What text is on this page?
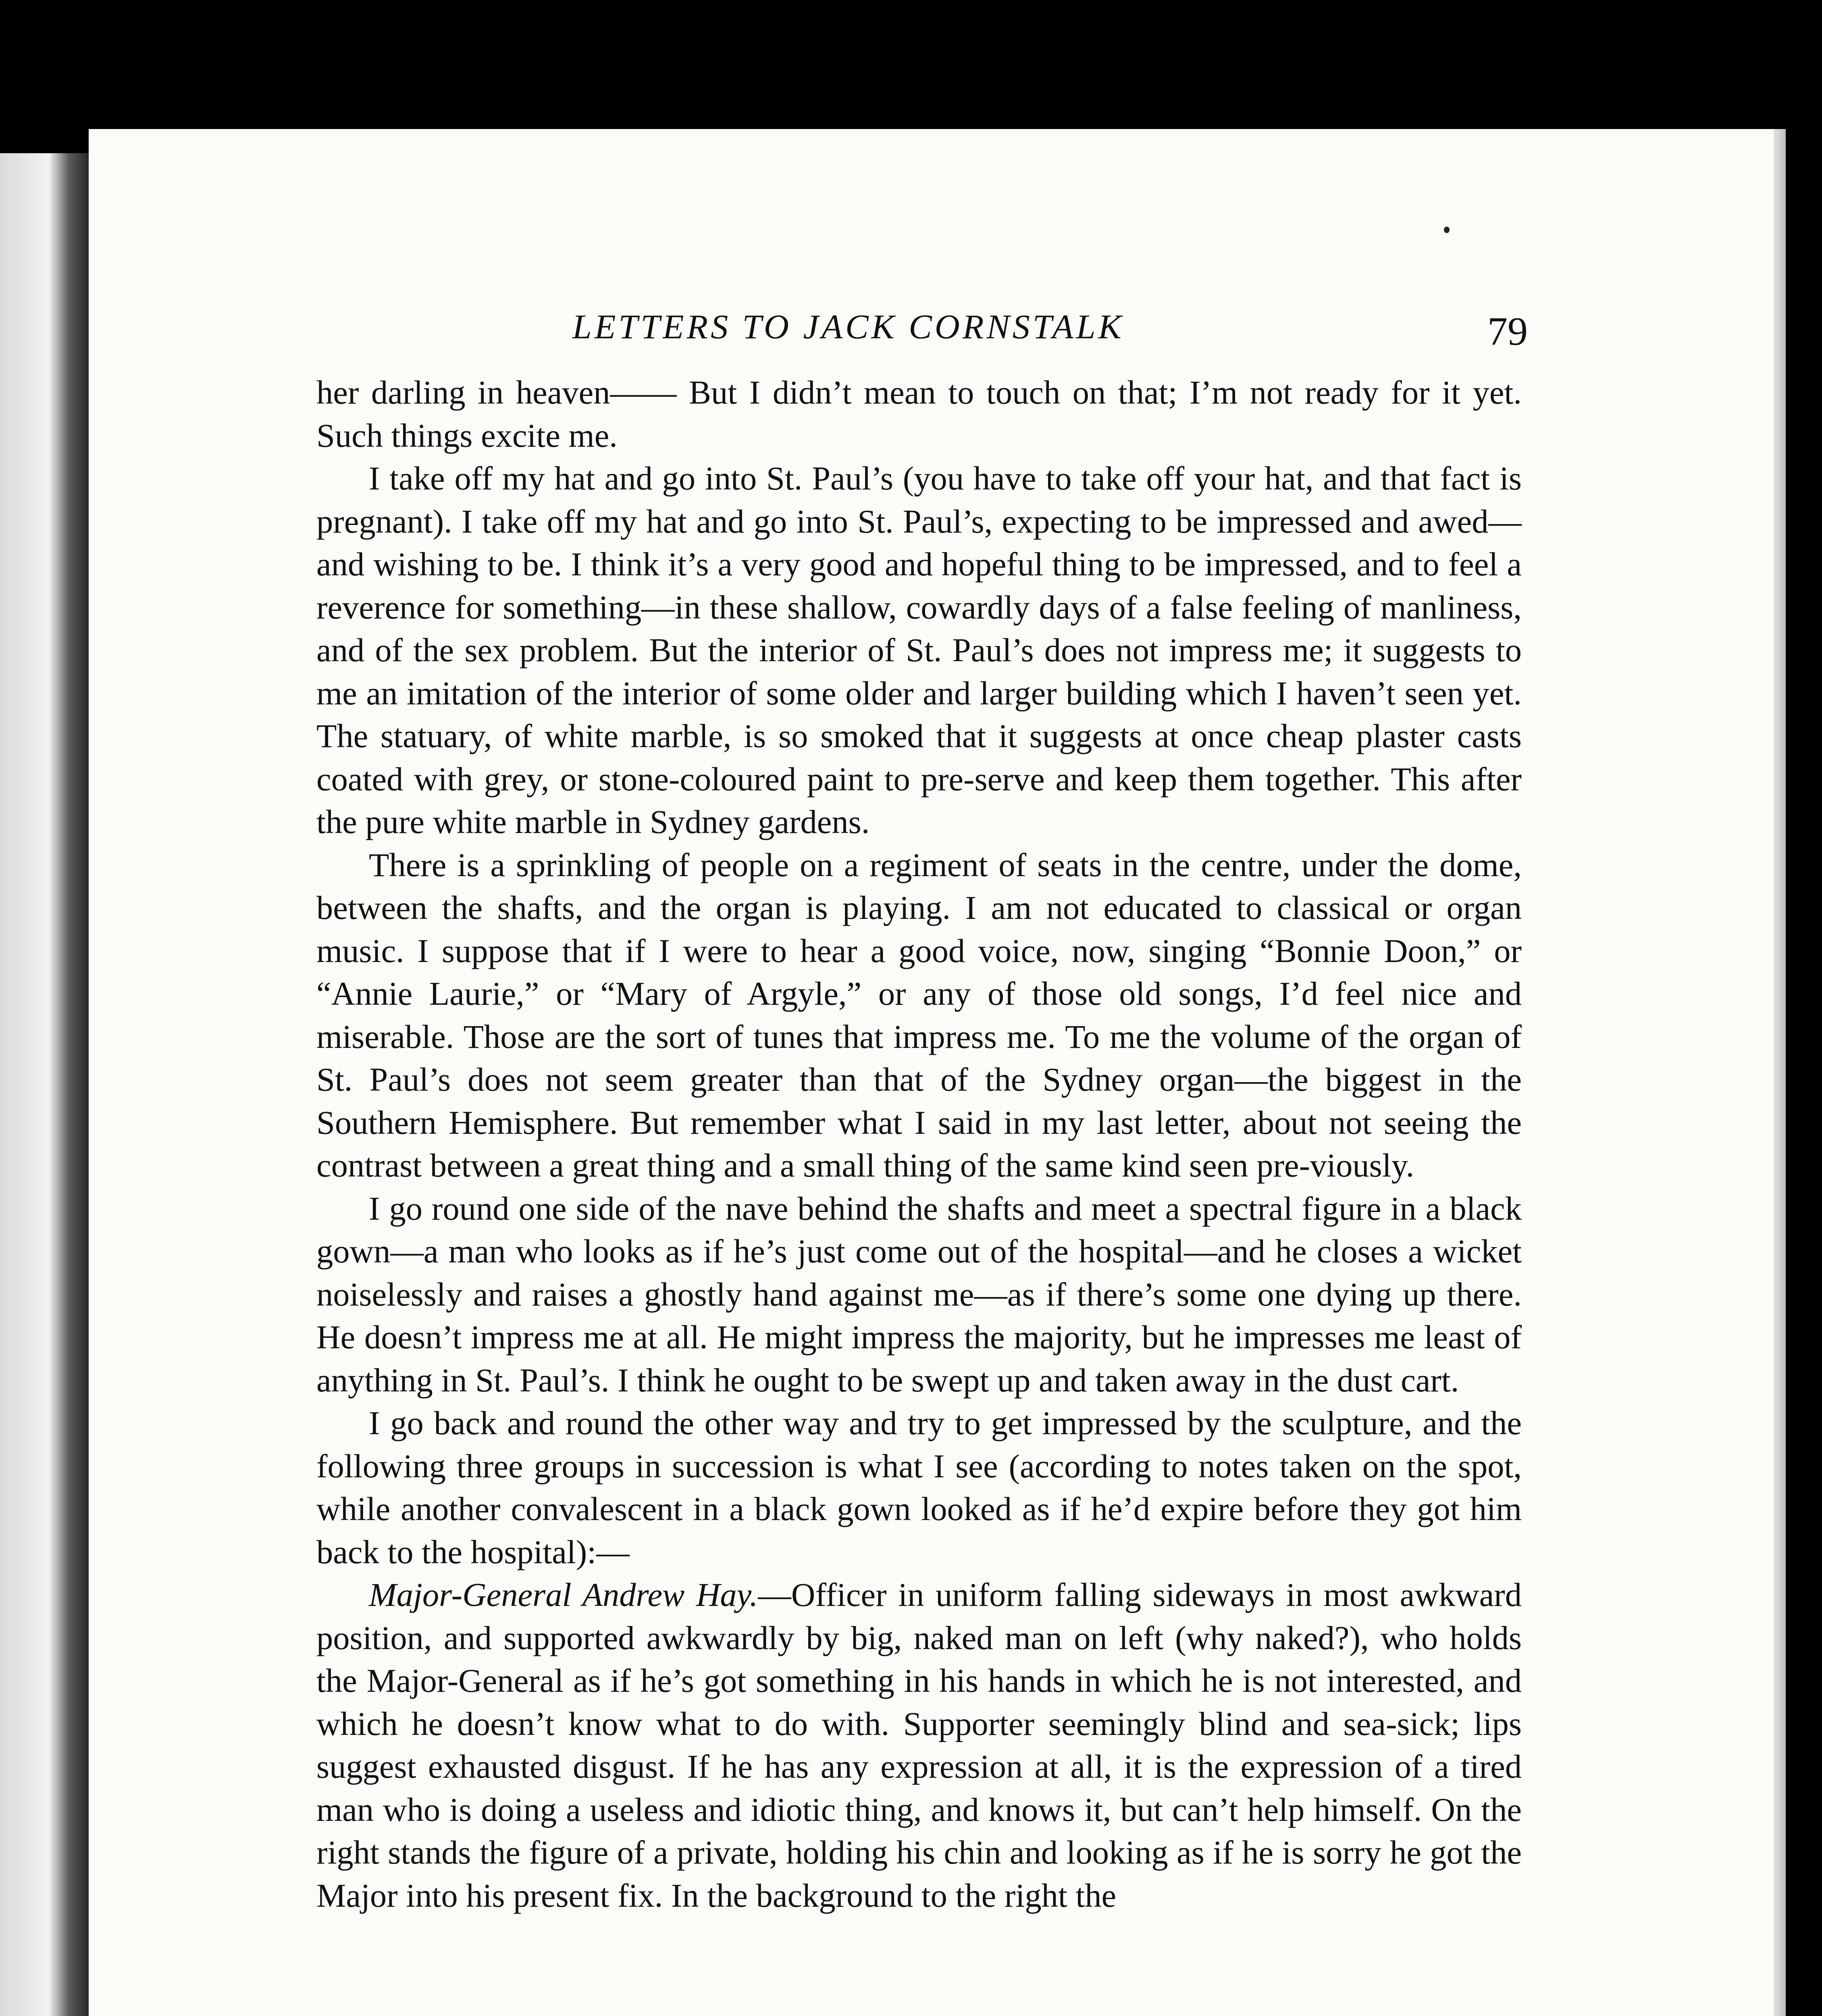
LETTERS TO JACK CORNSTALK	79

her darling in heaven—— But I didn’t mean to touch on that; I’m not ready for it yet. Such things excite me.

I take off my hat and go into St. Paul’s (you have to take off your hat, and that fact is pregnant). I take off my hat and go into St. Paul’s, expecting to be impressed and awed—and wishing to be. I think it’s a very good and hopeful thing to be impressed, and to feel a reverence for something—in these shallow, cowardly days of a false feeling of manliness, and of the sex problem. But the interior of St. Paul’s does not impress me; it suggests to me an imitation of the interior of some older and larger building which I haven’t seen yet. The statuary, of white marble, is so smoked that it suggests at once cheap plaster casts coated with grey, or stone-coloured paint to pre-serve and keep them together. This after the pure white marble in Sydney gardens.

There is a sprinkling of people on a regiment of seats in the centre, under the dome, between the shafts, and the organ is playing. I am not educated to classical or organ music. I suppose that if I were to hear a good voice, now, singing “Bonnie Doon,” or “Annie Laurie,” or “Mary of Argyle,” or any of those old songs, I’d feel nice and miserable. Those are the sort of tunes that impress me. To me the volume of the organ of St. Paul’s does not seem greater than that of the Sydney organ—the biggest in the Southern Hemisphere. But remember what I said in my last letter, about not seeing the contrast between a great thing and a small thing of the same kind seen pre-viously.

I go round one side of the nave behind the shafts and meet a spectral figure in a black gown—a man who looks as if he’s just come out of the hospital—and he closes a wicket noiselessly and raises a ghostly hand against me—as if there’s some one dying up there. He doesn’t impress me at all. He might impress the majority, but he impresses me least of anything in St. Paul’s. I think he ought to be swept up and taken away in the dust cart.

I go back and round the other way and try to get impressed by the sculpture, and the following three groups in succession is what I see (according to notes taken on the spot, while another convalescent in a black gown looked as if he’d expire before they got him back to the hospital):—

Major-General Andrew Hay.—Officer in uniform falling sideways in most awkward position, and supported awkwardly by big, naked man on left (why naked?), who holds the Major-General as if he’s got something in his hands in which he is not interested, and which he doesn’t know what to do with. Supporter seemingly blind and sea-sick; lips suggest exhausted disgust. If he has any expression at all, it is the expression of a tired man who is doing a useless and idiotic thing, and knows it, but can’t help himself. On the right stands the figure of a private, holding his chin and looking as if he is sorry he got the Major into his present fix. In the background to the right the
